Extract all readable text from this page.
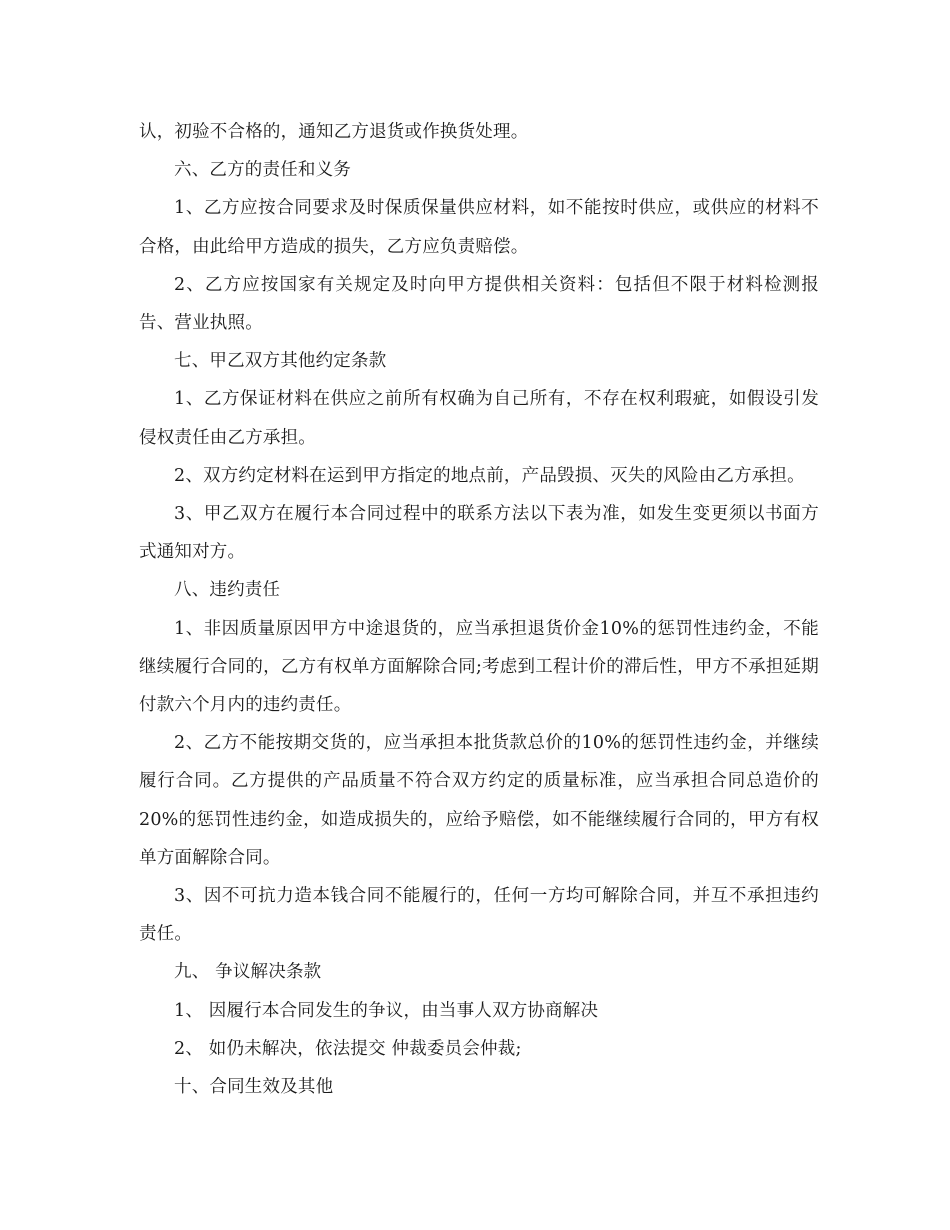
认，初验不合格的，通知乙方退货或作换货处理。

六、乙方的责任和义务

1、乙方应按合同要求及时保质保量供应材料，如不能按时供应，或供应的材料不合格，由此给甲方造成的损失，乙方应负责赔偿。

2、乙方应按国家有关规定及时向甲方提供相关资料：包括但不限于材料检测报告、营业执照。

七、甲乙双方其他约定条款

1、乙方保证材料在供应之前所有权确为自己所有，不存在权利瑕疵，如假设引发侵权责任由乙方承担。

2、双方约定材料在运到甲方指定的地点前，产品毁损、灭失的风险由乙方承担。

3、甲乙双方在履行本合同过程中的联系方法以下表为准，如发生变更须以书面方式通知对方。

八、违约责任

1、非因质量原因甲方中途退货的，应当承担退货价金10%的惩罚性违约金，不能继续履行合同的，乙方有权单方面解除合同;考虑到工程计价的滞后性，甲方不承担延期付款六个月内的违约责任。

2、乙方不能按期交货的，应当承担本批货款总价的10%的惩罚性违约金，并继续履行合同。乙方提供的产品质量不符合双方约定的质量标准，应当承担合同总造价的20%的惩罚性违约金，如造成损失的，应给予赔偿，如不能继续履行合同的，甲方有权单方面解除合同。

3、因不可抗力造本钱合同不能履行的，任何一方均可解除合同，并互不承担违约责任。

九、 争议解决条款

1、 因履行本合同发生的争议，由当事人双方协商解决

2、 如仍未解决，依法提交 仲裁委员会仲裁;

十、合同生效及其他
